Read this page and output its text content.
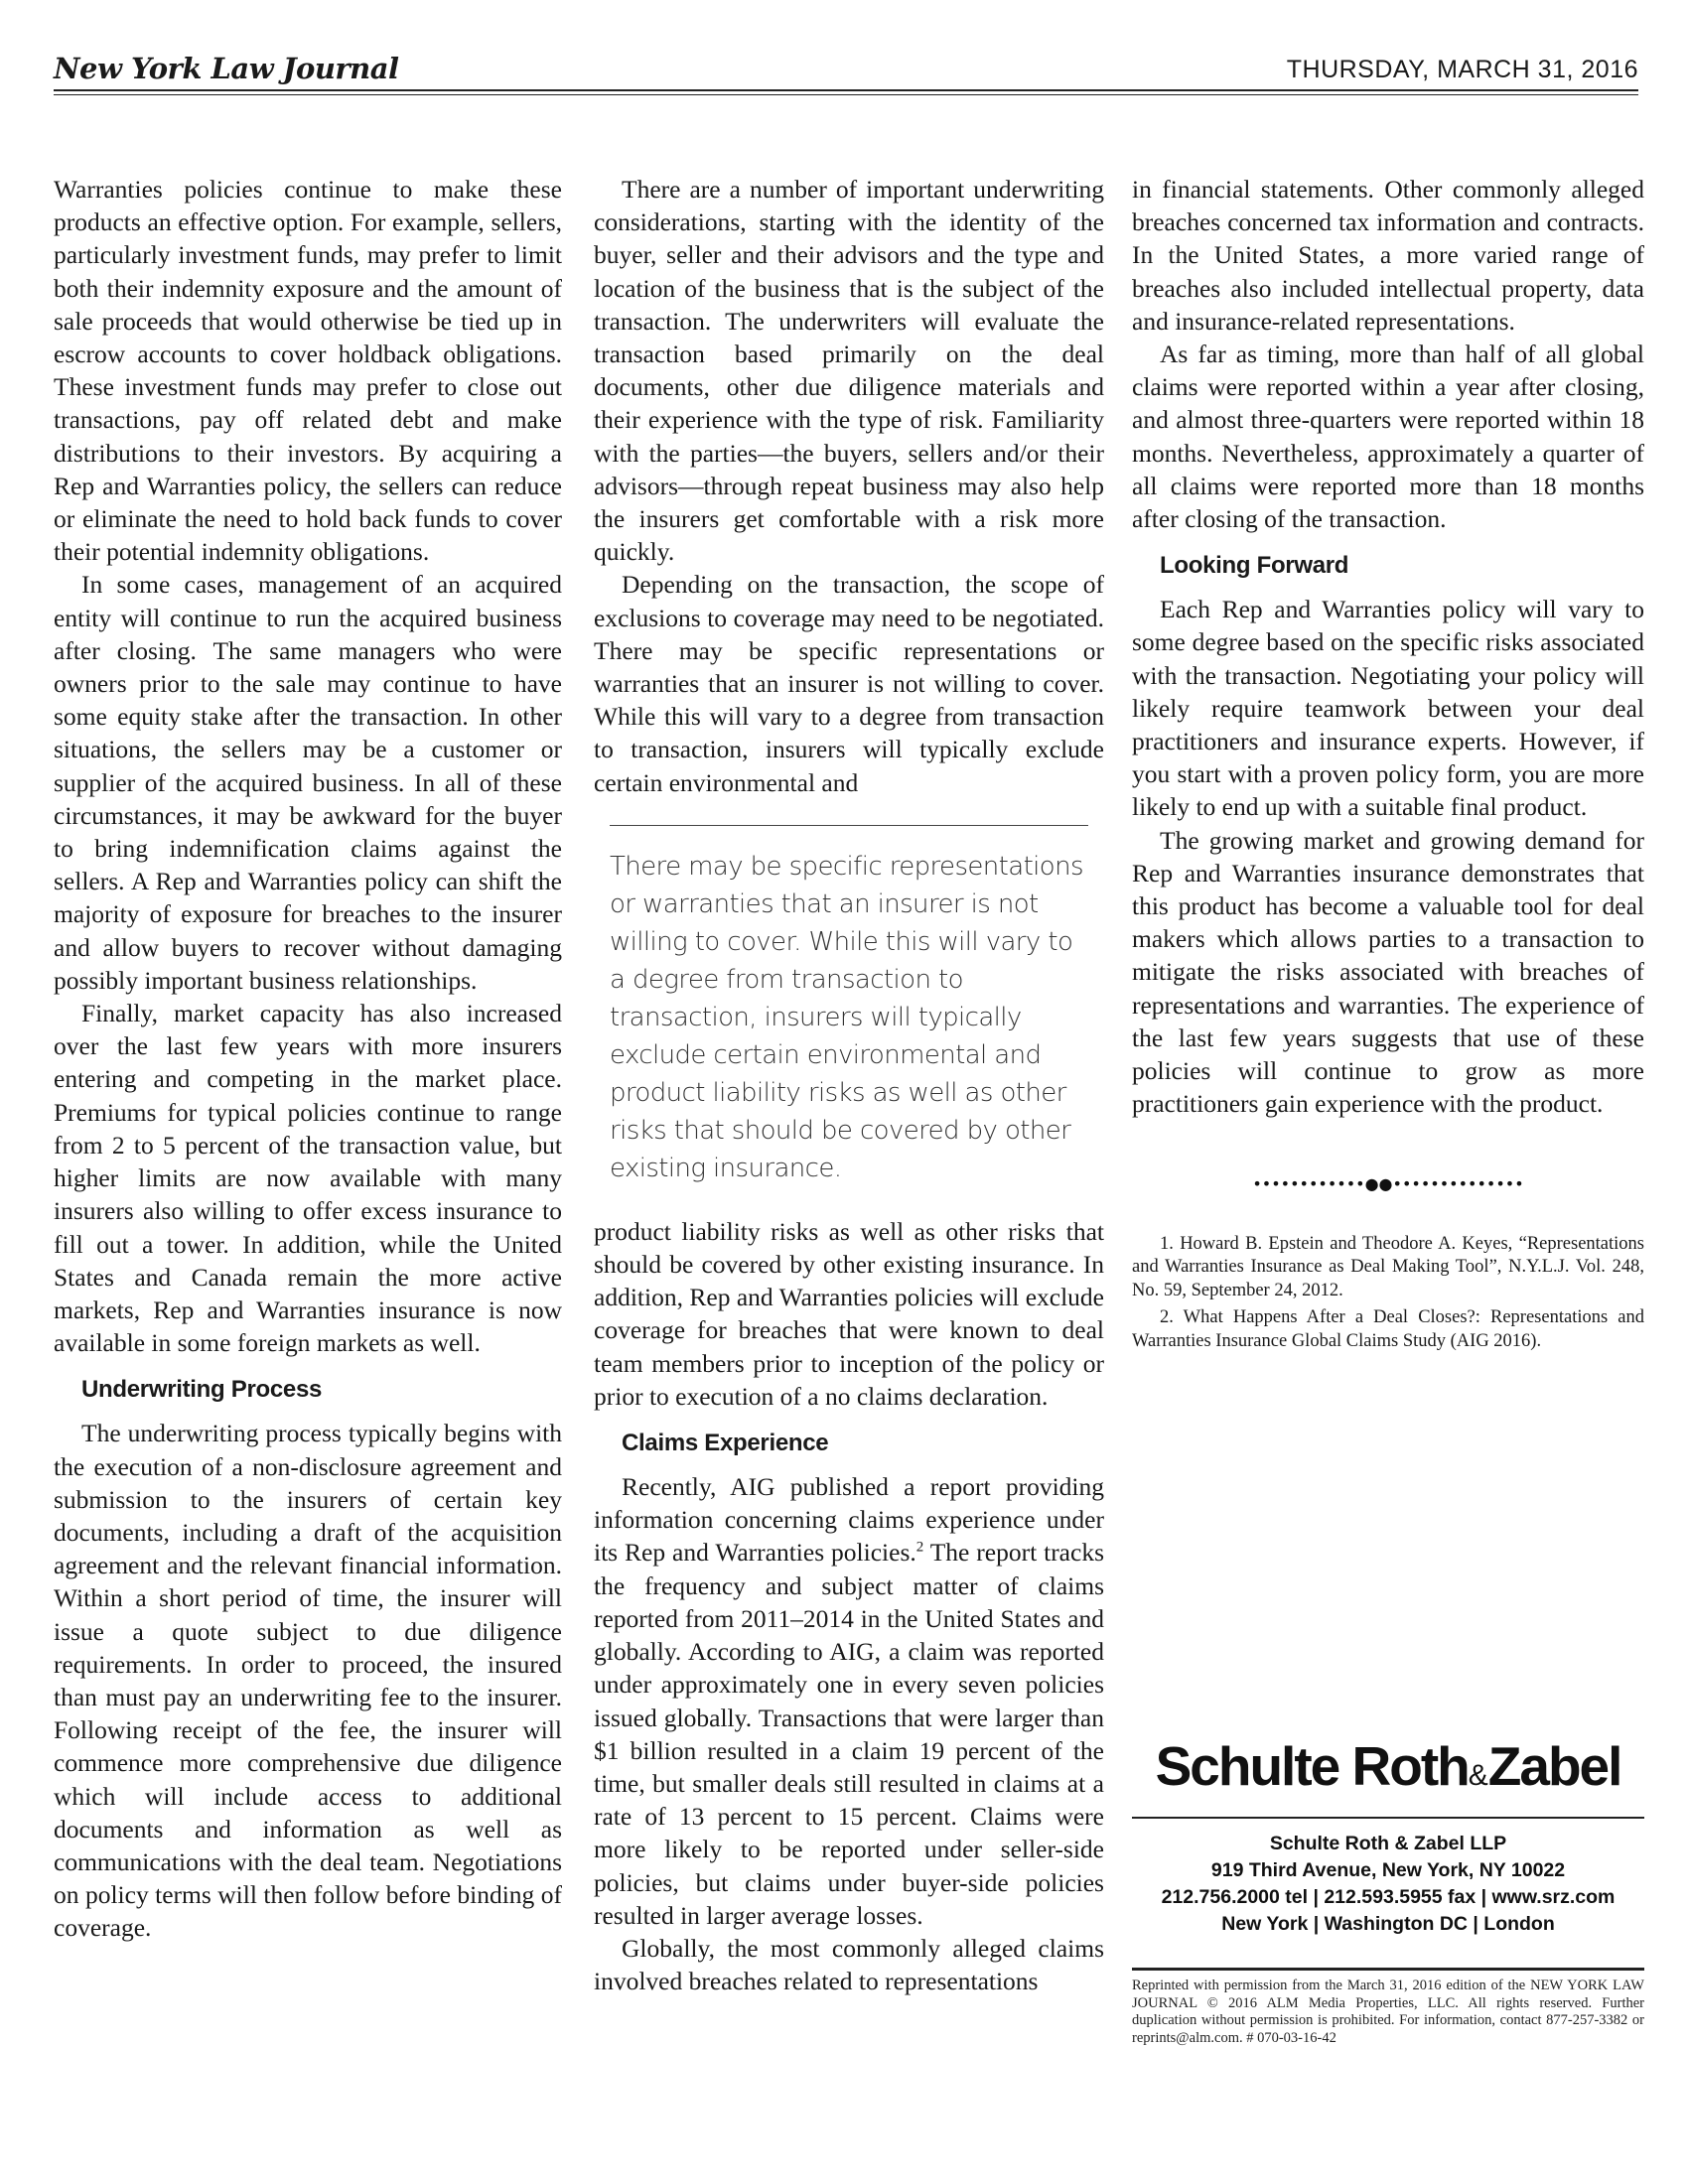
New York Law Journal	THURSDAY, MARCH 31, 2016

Warranties policies continue to make these products an effective option. For example, sellers, particularly investment funds, may prefer to limit both their indemnity exposure and the amount of sale proceeds that would otherwise be tied up in escrow accounts to cover holdback obligations. These investment funds may prefer to close out transactions, pay off related debt and make distributions to their investors. By acquiring a Rep and Warranties policy, the sellers can reduce or eliminate the need to hold back funds to cover their potential indemnity obligations.

In some cases, management of an acquired entity will continue to run the acquired business after closing. The same managers who were owners prior to the sale may continue to have some equity stake after the transaction. In other situations, the sellers may be a customer or supplier of the acquired business. In all of these circumstances, it may be awkward for the buyer to bring indemnification claims against the sellers. A Rep and Warranties policy can shift the majority of exposure for breaches to the insurer and allow buyers to recover without damaging possibly important business relationships.

Finally, market capacity has also increased over the last few years with more insurers entering and competing in the market place. Premiums for typical policies continue to range from 2 to 5 percent of the transaction value, but higher limits are now available with many insurers also willing to offer excess insurance to fill out a tower. In addition, while the United States and Canada remain the more active markets, Rep and Warranties insurance is now available in some foreign markets as well.

Underwriting Process

The underwriting process typically begins with the execution of a non-disclosure agreement and submission to the insurers of certain key documents, including a draft of the acquisition agreement and the relevant financial information. Within a short period of time, the insurer will issue a quote subject to due diligence requirements. In order to proceed, the insured than must pay an underwriting fee to the insurer. Following receipt of the fee, the insurer will commence more comprehensive due diligence which will include access to additional documents and information as well as communications with the deal team. Negotiations on policy terms will then follow before binding of coverage.

There are a number of important underwriting considerations, starting with the identity of the buyer, seller and their advisors and the type and location of the business that is the subject of the transaction. The underwriters will evaluate the transaction based primarily on the deal documents, other due diligence materials and their experience with the type of risk. Familiarity with the parties—the buyers, sellers and/or their advisors—through repeat business may also help the insurers get comfortable with a risk more quickly.

Depending on the transaction, the scope of exclusions to coverage may need to be negotiated. There may be specific representations or warranties that an insurer is not willing to cover. While this will vary to a degree from transaction to transaction, insurers will typically exclude certain environmental and

There may be specific representations or warranties that an insurer is not willing to cover. While this will vary to a degree from transaction to transaction, insurers will typically exclude certain environmental and product liability risks as well as other risks that should be covered by other existing insurance.

product liability risks as well as other risks that should be covered by other existing insurance. In addition, Rep and Warranties policies will exclude coverage for breaches that were known to deal team members prior to inception of the policy or prior to execution of a no claims declaration.

Claims Experience

Recently, AIG published a report providing information concerning claims experience under its Rep and Warranties policies.$^2$ The report tracks the frequency and subject matter of claims reported from 2011–2014 in the United States and globally. According to AIG, a claim was reported under approximately one in every seven policies issued globally. Transactions that were larger than $1 billion resulted in a claim 19 percent of the time, but smaller deals still resulted in claims at a rate of 13 percent to 15 percent. Claims were more likely to be reported under seller-side policies, but claims under buyer-side policies resulted in larger average losses.

Globally, the most commonly alleged claims involved breaches related to representations

in financial statements. Other commonly alleged breaches concerned tax information and contracts. In the United States, a more varied range of breaches also included intellectual property, data and insurance-related representations.

As far as timing, more than half of all global claims were reported within a year after closing, and almost three-quarters were reported within 18 months. Nevertheless, approximately a quarter of all claims were reported more than 18 months after closing of the transaction.

Looking Forward

Each Rep and Warranties policy will vary to some degree based on the specific risks associated with the transaction. Negotiating your policy will likely require teamwork between your deal practitioners and insurance experts. However, if you start with a proven policy form, you are more likely to end up with a suitable final product.

The growing market and growing demand for Rep and Warranties insurance demonstrates that this product has become a valuable tool for deal makers which allows parties to a transaction to mitigate the risks associated with breaches of representations and warranties. The experience of the last few years suggests that use of these policies will continue to grow as more practitioners gain experience with the product.

••••••••••••●●••••••••••••••

1. Howard B. Epstein and Theodore A. Keyes, “Representations and Warranties Insurance as Deal Making Tool”, N.Y.L.J. Vol. 248, No. 59, September 24, 2012.

2. What Happens After a Deal Closes?: Representations and Warranties Insurance Global Claims Study (AIG 2016).

Schulte Roth&Zabel
Schulte Roth & Zabel LLP
919 Third Avenue, New York, NY 10022
212.756.2000 tel | 212.593.5955 fax | www.srz.com
New York | Washington DC | London
Reprinted with permission from the March 31, 2016 edition of the NEW YORK LAW JOURNAL © 2016 ALM Media Properties, LLC. All rights reserved. Further duplication without permission is prohibited. For information, contact 877-257-3382 or reprints@alm.com. # 070-03-16-42
